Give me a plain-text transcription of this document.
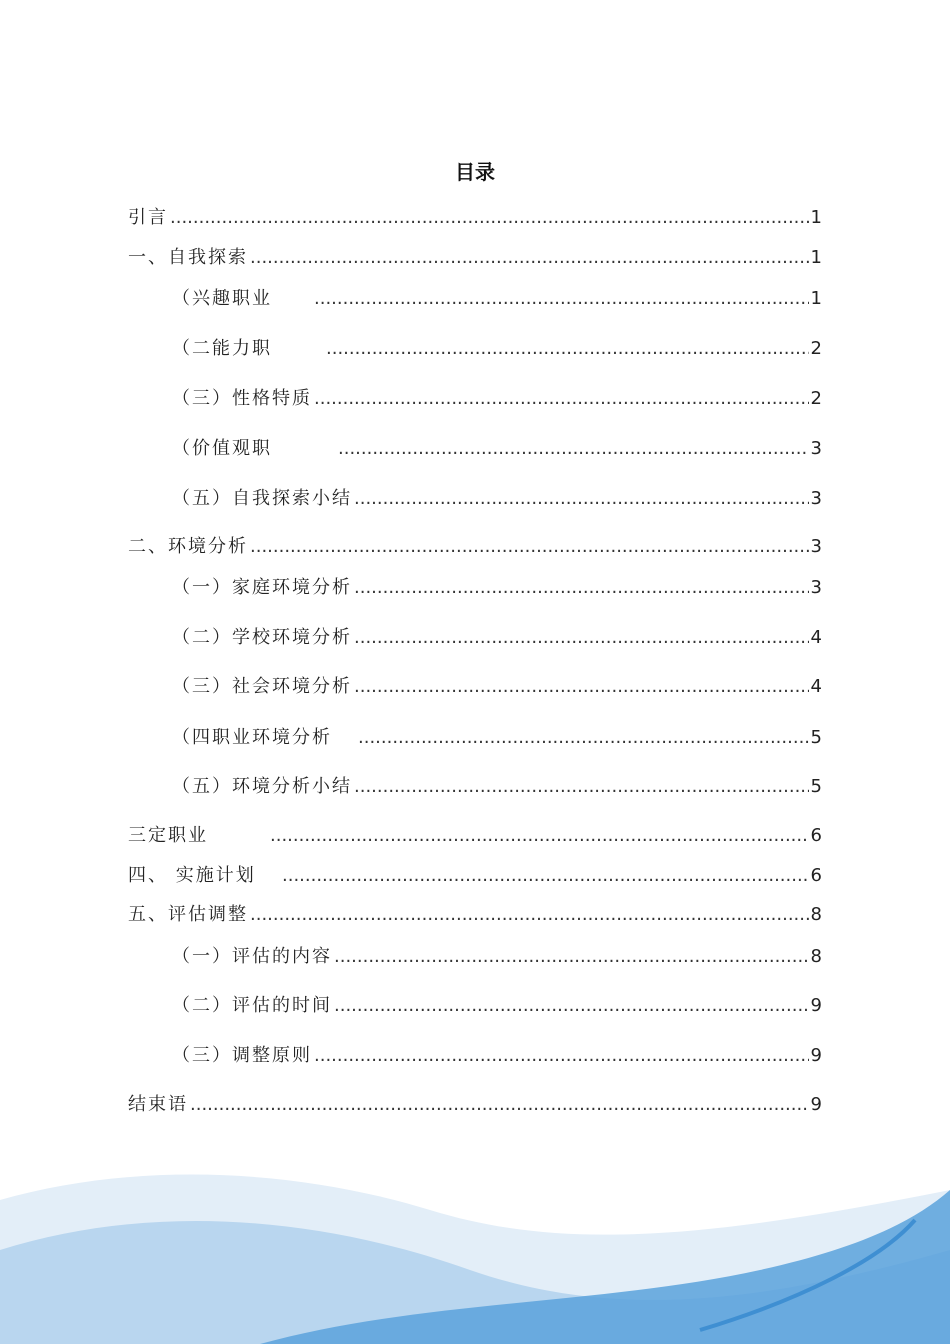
目录
引言 .....	1
一、自我探索 .....	1
（兴趣职业 .....	1
（二能力职 .....	2
（三）性格特质 .....	2
（价值观职 .....	3
（五）自我探索小结 .....	3
二、环境分析 .....	3
（一）家庭环境分析 .....	3
（二）学校环境分析 .....	4
（三）社会环境分析 .....	4
（四职业环境分析 .....	5
（五）环境分析小结 .....	5
三定职业 .....	6
四、 实施计划 .....	6
五、评估调整 .....	8
（一）评估的内容 .....	8
（二）评估的时间 .....	9
（三）调整原则 .....	9
结束语 .....	9
